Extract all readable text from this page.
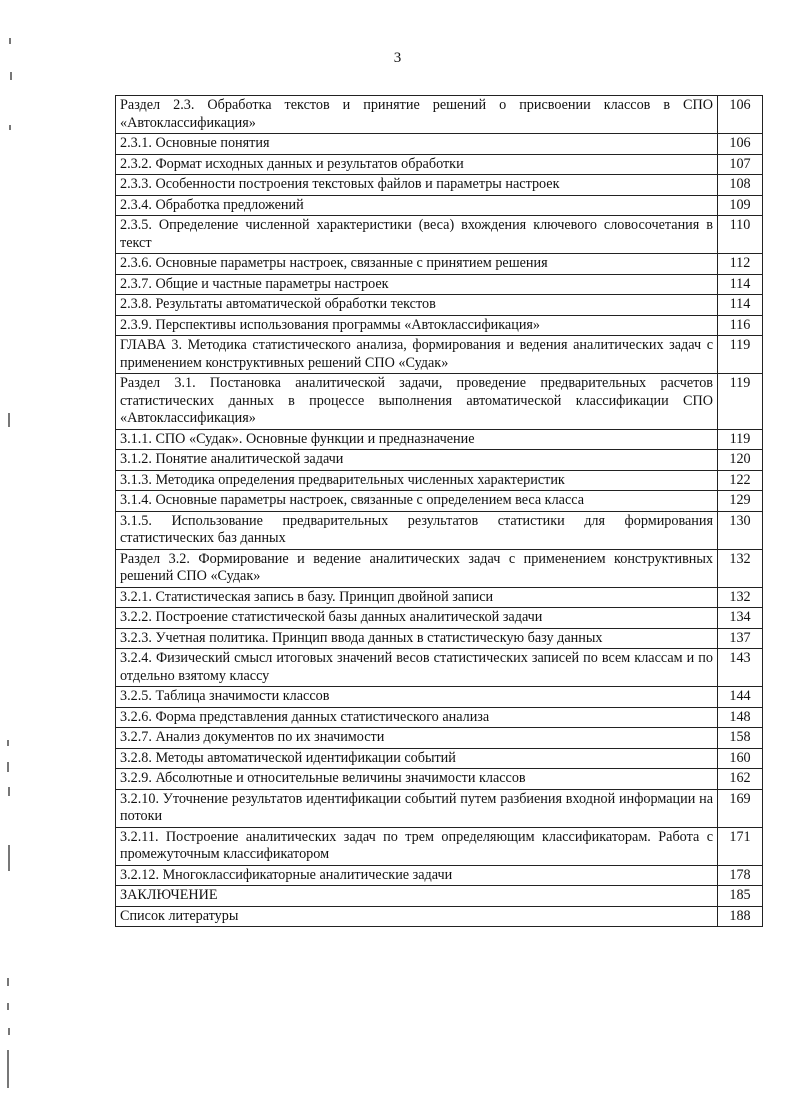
3
Раздел 2.3. Обработка текстов и принятие решений о присвоении классов в СПО «Автоклассификация»	106
2.3.1. Основные понятия	106
2.3.2. Формат исходных данных и результатов обработки	107
2.3.3. Особенности построения текстовых файлов и параметры настроек	108
2.3.4. Обработка предложений	109
2.3.5. Определение численной характеристики (веса) вхождения ключевого словосочетания в текст	110
2.3.6. Основные параметры настроек, связанные с принятием решения	112
2.3.7. Общие и частные параметры настроек	114
2.3.8. Результаты автоматической обработки текстов	114
2.3.9. Перспективы использования программы «Автоклассификация»	116
ГЛАВА 3. Методика статистического анализа, формирования и ведения аналитических задач с применением конструктивных решений СПО «Судак»	119
Раздел 3.1. Постановка аналитической задачи, проведение предварительных расчетов статистических данных в процессе выполнения автоматической классификации СПО «Автоклассификация»	119
3.1.1. СПО «Судак». Основные функции и предназначение	119
3.1.2. Понятие аналитической задачи	120
3.1.3. Методика определения предварительных численных характеристик	122
3.1.4. Основные параметры настроек, связанные с определением веса класса	129
3.1.5. Использование предварительных результатов статистики для формирования статистических баз данных	130
Раздел 3.2. Формирование и ведение аналитических задач с применением конструктивных решений СПО «Судак»	132
3.2.1. Статистическая запись в базу. Принцип двойной записи	132
3.2.2. Построение статистической базы данных аналитической задачи	134
3.2.3. Учетная политика. Принцип ввода данных в статистическую базу данных	137
3.2.4. Физический смысл итоговых значений весов статистических записей по всем классам и по отдельно взятому классу	143
3.2.5. Таблица значимости классов	144
3.2.6. Форма представления данных статистического анализа	148
3.2.7. Анализ документов по их значимости	158
3.2.8. Методы автоматической идентификации событий	160
3.2.9. Абсолютные и относительные величины значимости классов	162
3.2.10. Уточнение результатов идентификации событий путем разбиения входной информации на потоки	169
3.2.11. Построение аналитических задач по трем определяющим классификаторам. Работа с промежуточным классификатором	171
3.2.12. Многоклассификаторные аналитические задачи	178
ЗАКЛЮЧЕНИЕ	185
Список литературы	188
